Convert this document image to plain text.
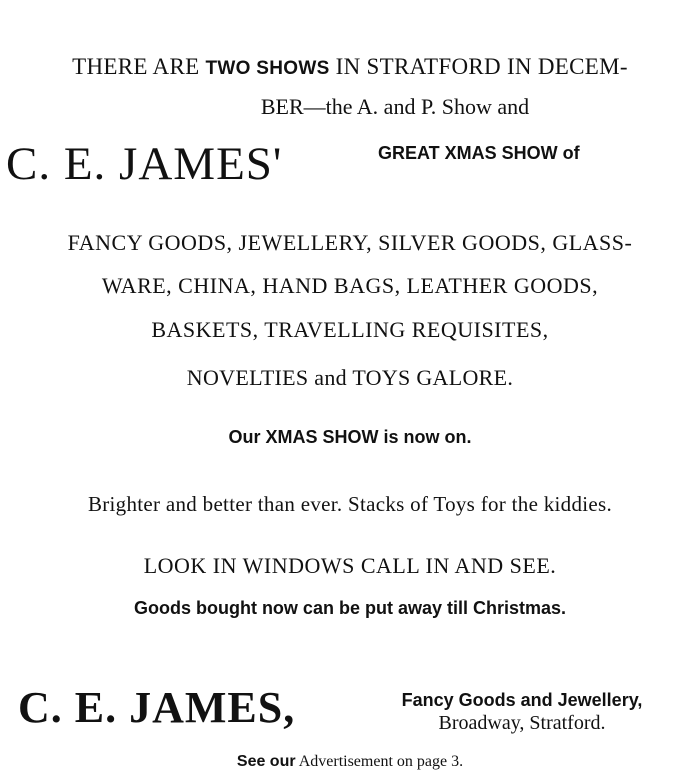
THERE ARE TWO SHOWS IN STRATFORD IN DECEM-
BER—the A. and P. Show and
C. E. JAMES'	GREAT XMAS SHOW of
FANCY GOODS, JEWELLERY, SILVER GOODS, GLASS-
WARE, CHINA, HAND BAGS, LEATHER GOODS,
BASKETS, TRAVELLING REQUISITES,
NOVELTIES and TOYS GALORE.
Our XMAS SHOW is now on.
Brighter and better than ever. Stacks of Toys for the kiddies.
LOOK IN WINDOWS CALL IN AND SEE.
Goods bought now can be put away till Christmas.
C. E. JAMES,	Fancy Goods and Jewellery,
Broadway, Stratford.
See our Advertisement on page 3.
